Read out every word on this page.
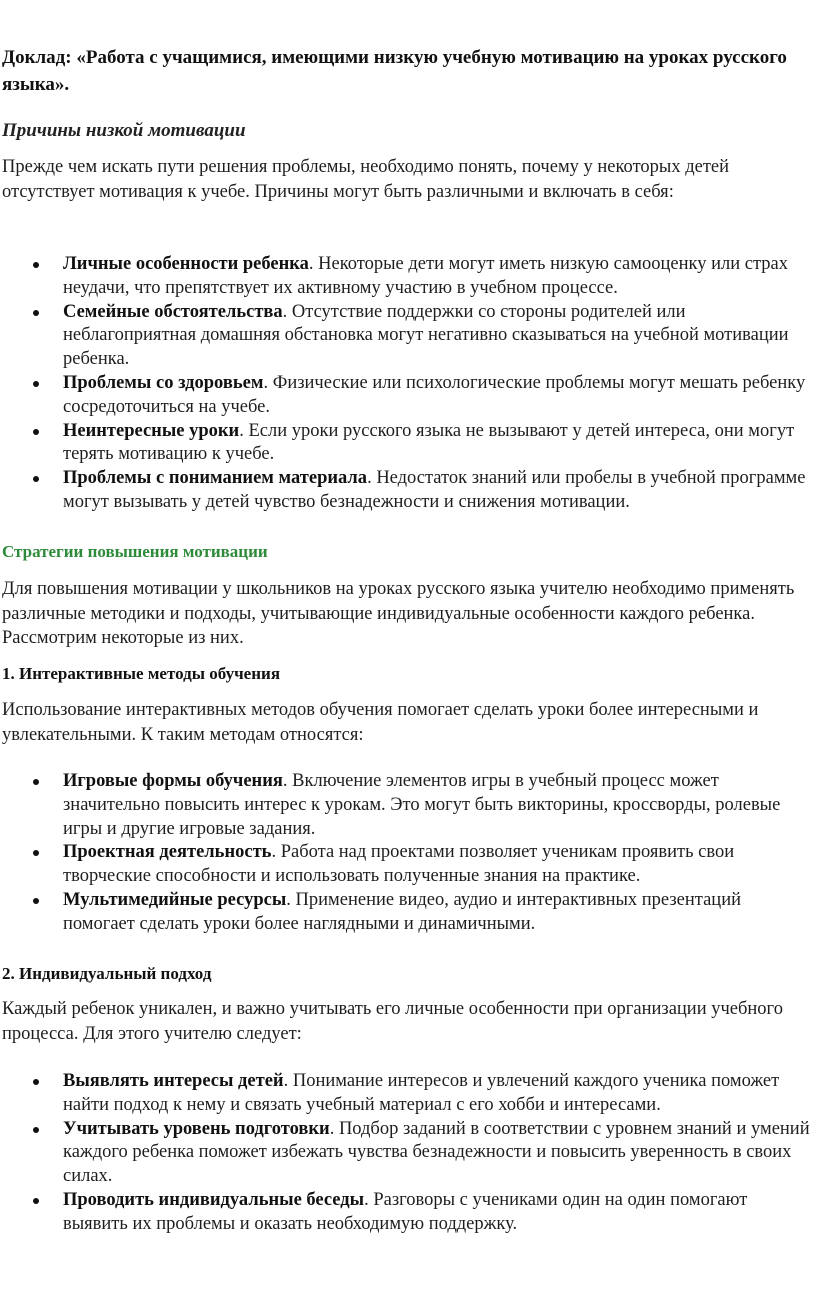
Доклад: «Работа с учащимися, имеющими низкую учебную мотивацию на уроках русского языка».
Причины низкой мотивации

Прежде чем искать пути решения проблемы, необходимо понять, почему у некоторых детей отсутствует мотивация к учебе. Причины могут быть различными и включать в себя:

Личные особенности ребенка. Некоторые дети могут иметь низкую самооценку или страх неудачи, что препятствует их активному участию в учебном процессе.
Семейные обстоятельства. Отсутствие поддержки со стороны родителей или неблагоприятная домашняя обстановка могут негативно сказываться на учебной мотивации ребенка.
Проблемы со здоровьем. Физические или психологические проблемы могут мешать ребенку сосредоточиться на учебе.
Неинтересные уроки. Если уроки русского языка не вызывают у детей интереса, они могут терять мотивацию к учебе.
Проблемы с пониманием материала. Недостаток знаний или пробелы в учебной программе могут вызывать у детей чувство безнадежности и снижения мотивации.
Стратегии повышения мотивации

Для повышения мотивации у школьников на уроках русского языка учителю необходимо применять различные методики и подходы, учитывающие индивидуальные особенности каждого ребенка. Рассмотрим некоторые из них.

1. Интерактивные методы обучения

Использование интерактивных методов обучения помогает сделать уроки более интересными и увлекательными. К таким методам относятся:

Игровые формы обучения. Включение элементов игры в учебный процесс может значительно повысить интерес к урокам. Это могут быть викторины, кроссворды, ролевые игры и другие игровые задания.
Проектная деятельность. Работа над проектами позволяет ученикам проявить свои творческие способности и использовать полученные знания на практике.
Мультимедийные ресурсы. Применение видео, аудио и интерактивных презентаций помогает сделать уроки более наглядными и динамичными.
2. Индивидуальный подход

Каждый ребенок уникален, и важно учитывать его личные особенности при организации учебного процесса. Для этого учителю следует:

Выявлять интересы детей. Понимание интересов и увлечений каждого ученика поможет найти подход к нему и связать учебный материал с его хобби и интересами.
Учитывать уровень подготовки. Подбор заданий в соответствии с уровнем знаний и умений каждого ребенка поможет избежать чувства безнадежности и повысить уверенность в своих силах.
Проводить индивидуальные беседы. Разговоры с учениками один на один помогают выявить их проблемы и оказать необходимую поддержку.
